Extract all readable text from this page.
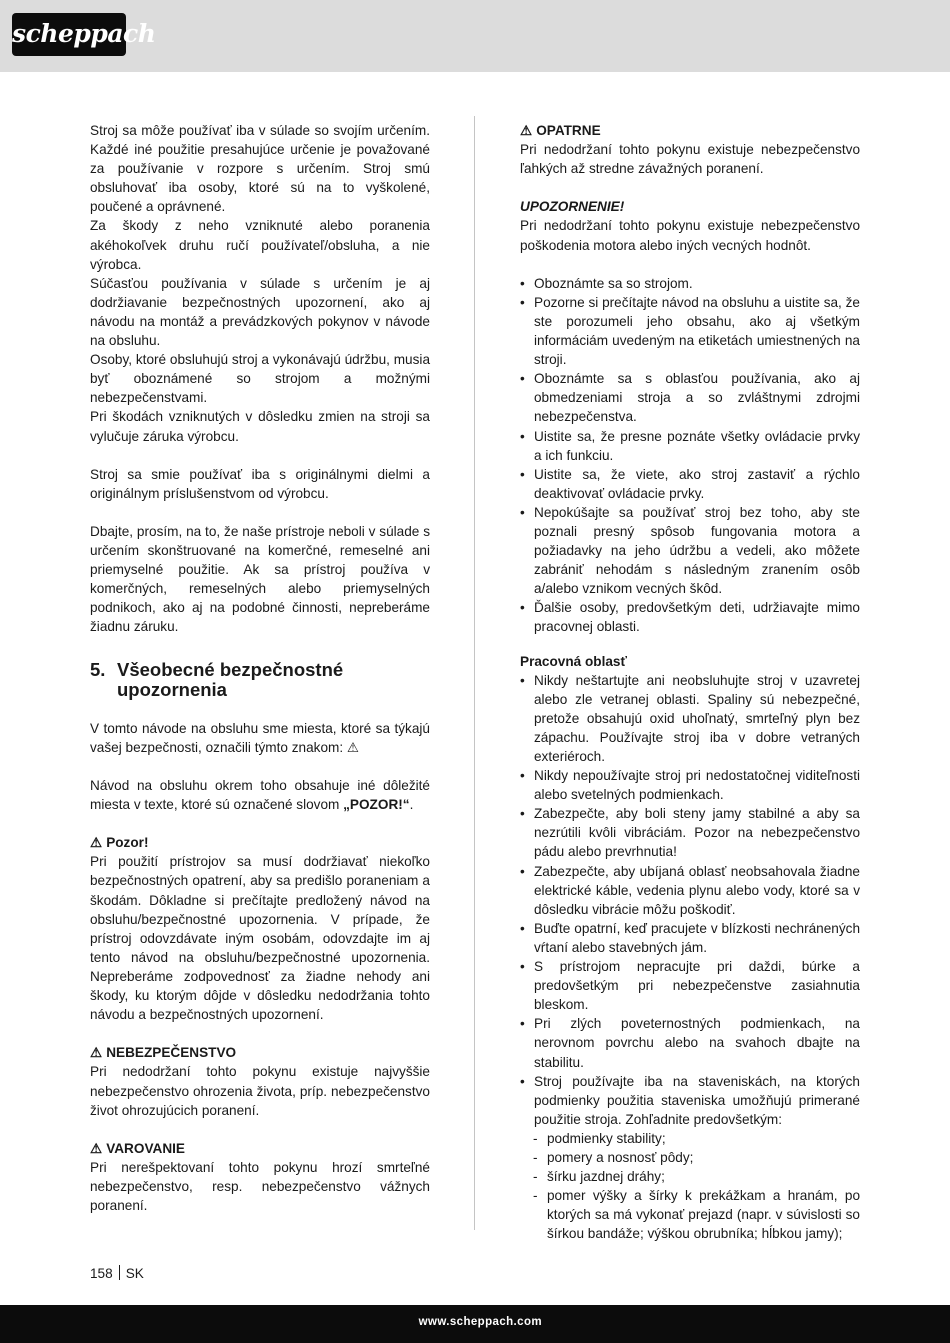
scheppach

Stroj sa môže používať iba v súlade so svojím určením. Každé iné použitie presahujúce určenie je považované za používanie v rozpore s určením. Stroj smú obsluhovať iba osoby, ktoré sú na to vyškolené, poučené a oprávnené.

Za škody z neho vzniknuté alebo poranenia akéhokoľvek druhu ručí používateľ/obsluha, a nie výrobca.

Súčasťou používania v súlade s určením je aj dodržiavanie bezpečnostných upozornení, ako aj návodu na montáž a prevádzkových pokynov v návode na obsluhu.

Osoby, ktoré obsluhujú stroj a vykonávajú údržbu, musia byť oboznámené so strojom a možnými nebezpečenstvami.

Pri škodách vzniknutých v dôsledku zmien na stroji sa vylučuje záruka výrobcu.

Stroj sa smie používať iba s originálnymi dielmi a originálnym príslušenstvom od výrobcu.

Dbajte, prosím, na to, že naše prístroje neboli v súlade s určením skonštruované na komerčné, remeselné ani priemyselné použitie. Ak sa prístroj používa v komerčných, remeselných alebo priemyselných podnikoch, ako aj na podobné činnosti, nepreberáme žiadnu záruku.

5. Všeobecné bezpečnostné
upozornenia

V tomto návode na obsluhu sme miesta, ktoré sa týkajú vašej bezpečnosti, označili týmto znakom: ⚠

Návod na obsluhu okrem toho obsahuje iné dôležité miesta v texte, ktoré sú označené slovom „POZOR!“.

⚠ Pozor!

Pri použití prístrojov sa musí dodržiavať niekoľko bezpečnostných opatrení, aby sa predišlo poraneniam a škodám. Dôkladne si prečítajte predložený návod na obsluhu/bezpečnostné upozornenia. V prípade, že prístroj odovzdávate iným osobám, odovzdajte im aj tento návod na obsluhu/bezpečnostné upozornenia. Nepreberáme zodpovednosť za žiadne nehody ani škody, ku ktorým dôjde v dôsledku nedodržania tohto návodu a bezpečnostných upozornení.

⚠ NEBEZPEČENSTVO

Pri nedodržaní tohto pokynu existuje najvyššie nebezpečenstvo ohrozenia života, príp. nebezpečenstvo život ohrozujúcich poranení.

⚠ VAROVANIE

Pri nerešpektovaní tohto pokynu hrozí smrteľné nebezpečenstvo, resp. nebezpečenstvo vážnych poranení.

⚠ OPATRNE

Pri nedodržaní tohto pokynu existuje nebezpečenstvo ľahkých až stredne závažných poranení.

UPOZORNENIE!

Pri nedodržaní tohto pokynu existuje nebezpečenstvo poškodenia motora alebo iných vecných hodnôt.

• Oboznámte sa so strojom.
• Pozorne si prečítajte návod na obsluhu a uistite sa, že ste porozumeli jeho obsahu, ako aj všetkým informáciám uvedeným na etiketách umiestnených na stroji.
• Oboznámte sa s oblasťou používania, ako aj obmedzeniami stroja a so zvláštnymi zdrojmi nebezpečenstva.
• Uistite sa, že presne poznáte všetky ovládacie prvky a ich funkciu.
• Uistite sa, že viete, ako stroj zastaviť a rýchlo deaktivovať ovládacie prvky.
• Nepokúšajte sa používať stroj bez toho, aby ste poznali presný spôsob fungovania motora a požiadavky na jeho údržbu a vedeli, ako môžete zabrániť nehodám s následným zranením osôb a/alebo vznikom vecných škôd.
• Ďalšie osoby, predovšetkým deti, udržiavajte mimo pracovnej oblasti.

Pracovná oblasť

• Nikdy neštartujte ani neobsluhujte stroj v uzavretej alebo zle vetranej oblasti. Spaliny sú nebezpečné, pretože obsahujú oxid uhoľnatý, smrteľný plyn bez zápachu. Používajte stroj iba v dobre vetraných exteriéroch.
• Nikdy nepoužívajte stroj pri nedostatočnej viditeľnosti alebo svetelných podmienkach.
• Zabezpečte, aby boli steny jamy stabilné a aby sa nezrútili kvôli vibráciám. Pozor na nebezpečenstvo pádu alebo prevrhnutia!
• Zabezpečte, aby ubíjaná oblasť neobsahovala žiadne elektrické káble, vedenia plynu alebo vody, ktoré sa v dôsledku vibrácie môžu poškodiť.
• Buďte opatrní, keď pracujete v blízkosti nechránených vŕtaní alebo stavebných jám.
• S prístrojom nepracujte pri daždi, búrke a predovšetkým pri nebezpečenstve zasiahnutia bleskom.
• Pri zlých poveternostných podmienkach, na nerovnom povrchu alebo na svahoch dbajte na stabilitu.
• Stroj používajte iba na staveniskách, na ktorých podmienky použitia staveniska umožňujú primerané použitie stroja. Zohľadnite predovšetkým:
- podmienky stability;
- pomery a nosnosť pôdy;
- šírku jazdnej dráhy;
- pomer výšky a šírky k prekážkam a hranám, po ktorých sa má vykonať prejazd (napr. v súvislosti so šírkou bandáže; výškou obrubníka; hĺbkou jamy);
158 SK
www.scheppach.com
